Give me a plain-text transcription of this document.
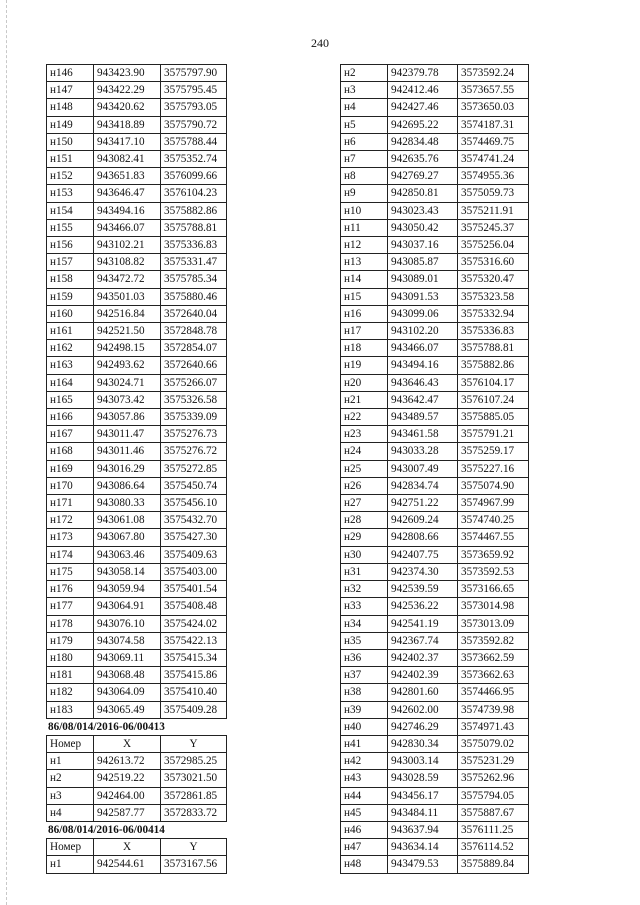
240
н146	943423.90	3575797.90
н147	943422.29	3575795.45
н148	943420.62	3575793.05
н149	943418.89	3575790.72
н150	943417.10	3575788.44
н151	943082.41	3575352.74
н152	943651.83	3576099.66
н153	943646.47	3576104.23
н154	943494.16	3575882.86
н155	943466.07	3575788.81
н156	943102.21	3575336.83
н157	943108.82	3575331.47
н158	943472.72	3575785.34
н159	943501.03	3575880.46
н160	942516.84	3572640.04
н161	942521.50	3572848.78
н162	942498.15	3572854.07
н163	942493.62	3572640.66
н164	943024.71	3575266.07
н165	943073.42	3575326.58
н166	943057.86	3575339.09
н167	943011.47	3575276.73
н168	943011.46	3575276.72
н169	943016.29	3575272.85
н170	943086.64	3575450.74
н171	943080.33	3575456.10
н172	943061.08	3575432.70
н173	943067.80	3575427.30
н174	943063.46	3575409.63
н175	943058.14	3575403.00
н176	943059.94	3575401.54
н177	943064.91	3575408.48
н178	943076.10	3575424.02
н179	943074.58	3575422.13
н180	943069.11	3575415.34
н181	943068.48	3575415.86
н182	943064.09	3575410.40
н183	943065.49	3575409.28
86/08/014/2016-06/00413
Номер	X	Y
н1	942613.72	3572985.25
н2	942519.22	3573021.50
н3	942464.00	3572861.85
н4	942587.77	3572833.72
86/08/014/2016-06/00414
Номер	X	Y
н1	942544.61	3573167.56
н2	942379.78	3573592.24
н3	942412.46	3573657.55
н4	942427.46	3573650.03
н5	942695.22	3574187.31
н6	942834.48	3574469.75
н7	942635.76	3574741.24
н8	942769.27	3574955.36
н9	942850.81	3575059.73
н10	943023.43	3575211.91
н11	943050.42	3575245.37
н12	943037.16	3575256.04
н13	943085.87	3575316.60
н14	943089.01	3575320.47
н15	943091.53	3575323.58
н16	943099.06	3575332.94
н17	943102.20	3575336.83
н18	943466.07	3575788.81
н19	943494.16	3575882.86
н20	943646.43	3576104.17
н21	943642.47	3576107.24
н22	943489.57	3575885.05
н23	943461.58	3575791.21
н24	943033.28	3575259.17
н25	943007.49	3575227.16
н26	942834.74	3575074.90
н27	942751.22	3574967.99
н28	942609.24	3574740.25
н29	942808.66	3574467.55
н30	942407.75	3573659.92
н31	942374.30	3573592.53
н32	942539.59	3573166.65
н33	942536.22	3573014.98
н34	942541.19	3573013.09
н35	942367.74	3573592.82
н36	942402.37	3573662.59
н37	942402.39	3573662.63
н38	942801.60	3574466.95
н39	942602.00	3574739.98
н40	942746.29	3574971.43
н41	942830.34	3575079.02
н42	943003.14	3575231.29
н43	943028.59	3575262.96
н44	943456.17	3575794.05
н45	943484.11	3575887.67
н46	943637.94	3576111.25
н47	943634.14	3576114.52
н48	943479.53	3575889.84
